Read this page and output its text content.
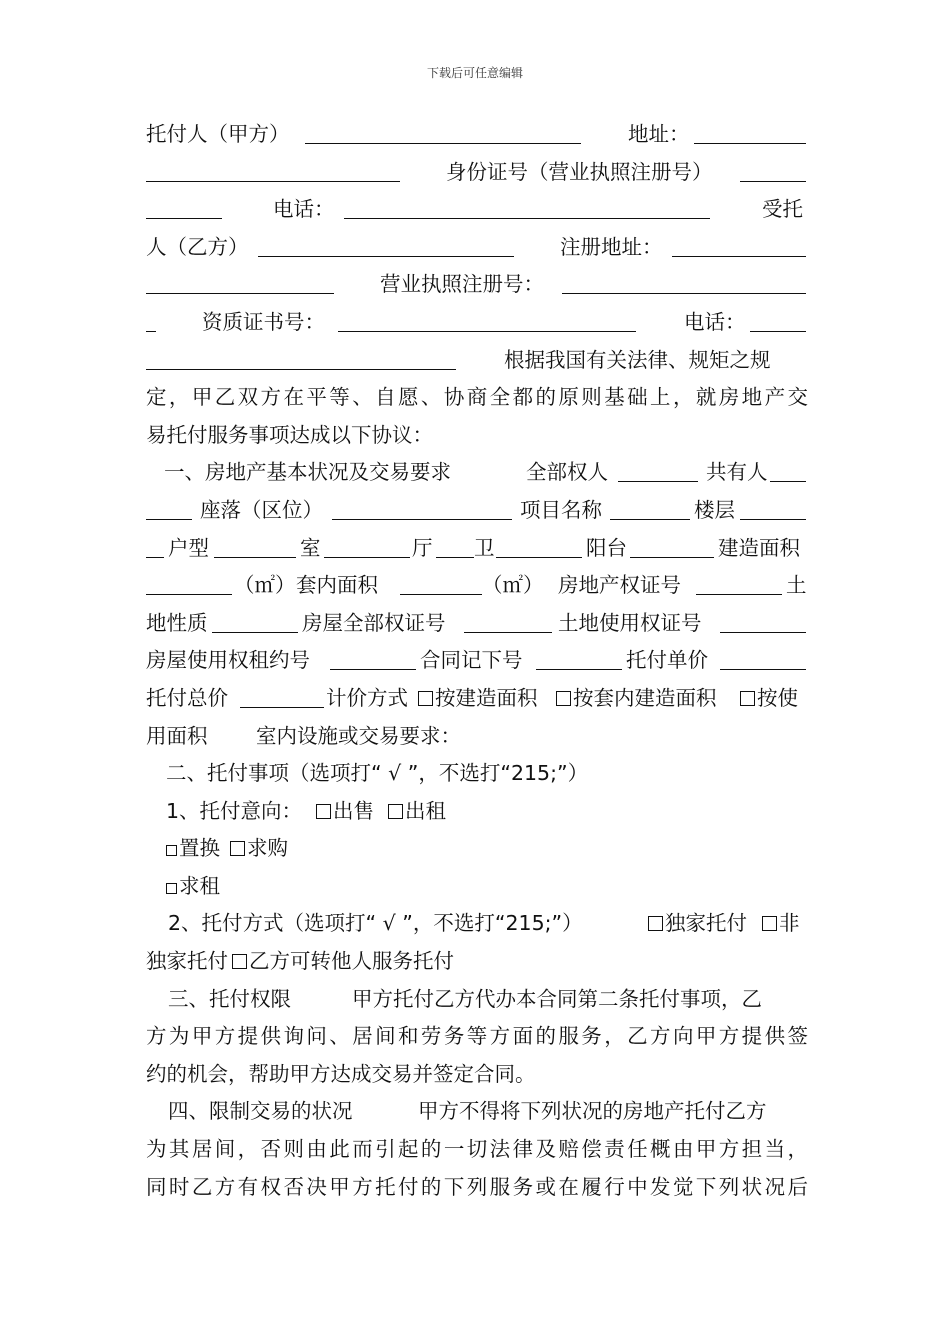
下载后可任意编辑
托付人（甲方）	地址：
身份证号（营业执照注册号）
电话：	受托
人（乙方）	注册地址：
营业执照注册号：
资质证书号：	电话：
根据我国有关法律、规矩之规
定，甲乙双方在平等、自愿、协商全都的原则基础上，就房地产交
易托付服务事项达成以下协议：
一、房地产基本状况及交易要求	全部权人	共有人
座落（区位）	项目名称	楼层
户型	室	厅 卫	阳台	建造面积
（㎡） 套内面积	（㎡） 房地产权证号	土
地性质	房屋全部权证号	土地使用权证号
房屋使用权租约号	合同记下号	托付单价
托付总价	计价方式	按建造面积	按套内建造面积	按使
用面积 室内设施或交易要求：
二、托付事项（选项打“ √ ”，不选打“215;”）
1、托付意向：	出售	出租
置换	求购
求租
2、托付方式（选项打“ √ ”，不选打“215;”）	独家托付	非
独家托付	乙方可转他人服务托付
三、托付权限	甲方托付乙方代办本合同第二条托付事项，乙
方为甲方提供询问、居间和劳务等方面的服务，乙方向甲方提供签
约的机会，帮助甲方达成交易并签定合同。
四、限制交易的状况	甲方不得将下列状况的房地产托付乙方
为其居间，否则由此而引起的一切法律及赔偿责任概由甲方担当，
同时乙方有权否决甲方托付的下列服务或在履行中发觉下列状况后
